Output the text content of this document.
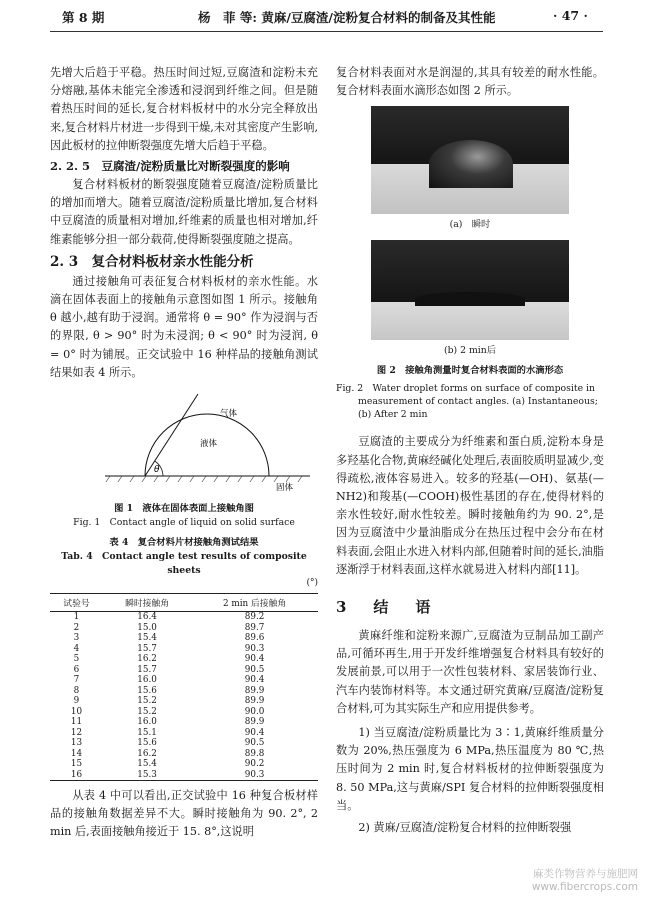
第 8 期	杨　菲 等: 黄麻/豆腐渣/淀粉复合材料的制备及其性能	· 47 ·

先增大后趋于平稳。热压时间过短,豆腐渣和淀粉未充分熔融,基体未能完全渗透和浸润到纤维之间。但是随着热压时间的延长,复合材料板材中的水分完全释放出来,复合材料片材进一步得到干燥,未对其密度产生影响,因此板材的拉伸断裂强度先增大后趋于平稳。

2. 2. 5　豆腐渣/淀粉质量比对断裂强度的影响

复合材料板材的断裂强度随着豆腐渣/淀粉质量比的增加而增大。随着豆腐渣/淀粉质量比增加,复合材料中豆腐渣的质量相对增加,纤维素的质量也相对增加,纤维素能够分担一部分载荷,使得断裂强度随之提高。

2. 3　复合材料板材亲水性能分析

通过接触角可表征复合材料板材的亲水性能。水滴在固体表面上的接触角示意图如图 1 所示。接触角 θ 越小,越有助于浸润。通常将 θ = 90° 作为浸润与否的界限, θ > 90° 时为未浸润; θ < 90° 时为浸润, θ = 0° 时为铺展。正交试验中 16 种样品的接触角测试结果如表 4 所示。

θ
气体
液体
固体
图 1　液体在固体表面上接触角图
Fig. 1　Contact angle of liquid on solid surface
表 4　复合材料片材接触角测试结果
Tab. 4　Contact angle test results of composite sheets
(°)
试验号	瞬时接触角	2 min 后接触角
1	16.4	89.2
2	15.0	89.7
3	15.4	89.6
4	15.7	90.3
5	16.2	90.4
6	15.7	90.5
7	16.0	90.4
8	15.6	89.9
9	15.2	89.9
10	15.2	90.0
11	16.0	89.9
12	15.1	90.4
13	15.6	90.5
14	16.2	89.8
15	15.4	90.2
16	15.3	90.3

从表 4 中可以看出,正交试验中 16 种复合板材样品的接触角数据差异不大。瞬时接触角为 90. 2°, 2 min 后,表面接触角接近于 15. 8°,这说明

复合材料表面对水是润湿的,其具有较差的耐水性能。复合材料表面水滴形态如图 2 所示。

(a)　瞬时
(b) 2 min后
图 2　接触角测量时复合材料表面的水滴形态
Fig. 2　Water droplet forms on surface of composite in
measurement of contact angles. (a) Instantaneous;
(b) After 2 min

豆腐渣的主要成分为纤维素和蛋白质,淀粉本身是多羟基化合物,黄麻经碱化处理后,表面胶质明显减少,变得疏松,液体容易进入。较多的羟基(—OH)、氨基(—NH2)和羧基(—COOH)极性基团的存在,使得材料的亲水性较好,耐水性较差。瞬时接触角约为 90. 2°,是因为豆腐渣中少量油脂成分在热压过程中会分布在材料表面,会阻止水进入材料内部,但随着时间的延长,油脂逐渐浮于材料表面,这样水就易进入材料内部[11]。

3　结　语

黄麻纤维和淀粉来源广,豆腐渣为豆制品加工副产品,可循环再生,用于开发纤维增强复合材料具有较好的发展前景,可以用于一次性包装材料、家居装饰行业、汽车内装饰材料等。本文通过研究黄麻/豆腐渣/淀粉复合材料,可为其实际生产和应用提供参考。

1) 当豆腐渣/淀粉质量比为 3∶1,黄麻纤维质量分数为 20%,热压强度为 6 MPa,热压温度为 80 ℃,热压时间为 2 min 时,复合材料板材的拉伸断裂强度为 8. 50 MPa,这与黄麻/SPI 复合材料的拉伸断裂强度相当。

2) 黄麻/豆腐渣/淀粉复合材料的拉伸断裂强

麻类作物营养与施肥网
www.fibercrops.com
